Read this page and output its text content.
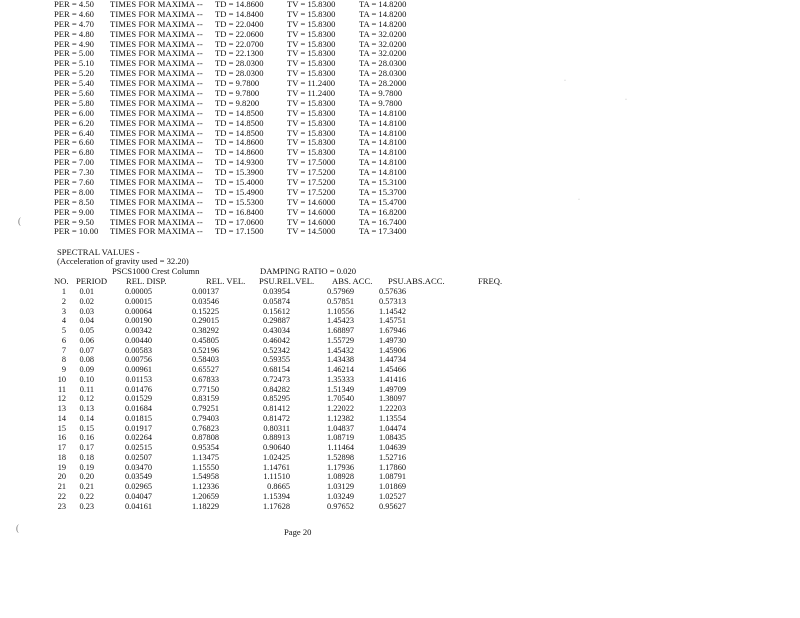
PER = 4.50 TIMES FOR MAXIMA -- TD = 14.8600	TV = 15.8300	TA = 14.8200
PER = 4.60 TIMES FOR MAXIMA -- TD = 14.8400	TV = 15.8300	TA = 14.8200
PER = 4.70 TIMES FOR MAXIMA -- TD = 22.0400	TV = 15.8300	TA = 14.8200
PER = 4.80 TIMES FOR MAXIMA -- TD = 22.0600	TV = 15.8300	TA = 32.0200
PER = 4.90 TIMES FOR MAXIMA -- TD = 22.0700	TV = 15.8300	TA = 32.0200
PER = 5.00 TIMES FOR MAXIMA -- TD = 22.1300	TV = 15.8300	TA = 32.0200
PER = 5.10 TIMES FOR MAXIMA -- TD = 28.0300	TV = 15.8300	TA = 28.0300
PER = 5.20 TIMES FOR MAXIMA -- TD = 28.0300	TV = 15.8300	TA = 28.0300
PER = 5.40 TIMES FOR MAXIMA -- TD = 9.7800	TV = 11.2400	TA = 28.2000
PER = 5.60 TIMES FOR MAXIMA -- TD = 9.7800	TV = 11.2400	TA = 9.7800
PER = 5.80 TIMES FOR MAXIMA -- TD = 9.8200	TV = 15.8300	TA = 9.7800
PER = 6.00 TIMES FOR MAXIMA -- TD = 14.8500	TV = 15.8300	TA = 14.8100
PER = 6.20 TIMES FOR MAXIMA -- TD = 14.8500	TV = 15.8300	TA = 14.8100
PER = 6.40 TIMES FOR MAXIMA -- TD = 14.8500	TV = 15.8300	TA = 14.8100
PER = 6.60 TIMES FOR MAXIMA -- TD = 14.8600	TV = 15.8300	TA = 14.8100
PER = 6.80 TIMES FOR MAXIMA -- TD = 14.8600	TV = 15.8300	TA = 14.8100
PER = 7.00 TIMES FOR MAXIMA -- TD = 14.9300	TV = 17.5000	TA = 14.8100
PER = 7.30 TIMES FOR MAXIMA -- TD = 15.3900	TV = 17.5200	TA = 14.8100
PER = 7.60 TIMES FOR MAXIMA -- TD = 15.4000	TV = 17.5200	TA = 15.3100
PER = 8.00 TIMES FOR MAXIMA -- TD = 15.4900	TV = 17.5200	TA = 15.3700
PER = 8.50 TIMES FOR MAXIMA -- TD = 15.5300	TV = 14.6000	TA = 15.4700
PER = 9.00 TIMES FOR MAXIMA -- TD = 16.8400	TV = 14.6000	TA = 16.8200
PER = 9.50 TIMES FOR MAXIMA -- TD = 17.0600	TV = 14.6000	TA = 16.7400
PER = 10.00 TIMES FOR MAXIMA -- TD = 17.1500	TV = 14.5000	TA = 17.3400
SPECTRAL VALUES -
(Acceleration of gravity used = 32.20)
PSCS1000 Crest Column	DAMPING RATIO = 0.020
NO. PERIOD REL. DISP.	REL. VEL. PSU.REL.VEL. ABS. ACC. PSU.ABS.ACC.	FREQ.
1 0.01	0.00005	0.00137	0.03954	0.57969	0.57636
2 0.02	0.00015	0.03546	0.05874	0.57851	0.57313
3 0.03	0.00064	0.15225	0.15612	1.10556	1.14542
4 0.04	0.00190	0.29015	0.29887	1.45423	1.45751
5 0.05	0.00342	0.38292	0.43034	1.68897	1.67946
6 0.06	0.00440	0.45805	0.46042	1.55729	1.49730
7 0.07	0.00583	0.52196	0.52342	1.45432	1.45906
8 0.08	0.00756	0.58403	0.59355	1.43438	1.44734
9 0.09	0.00961	0.65527	0.68154	1.46214	1.45466
10 0.10	0.01153	0.67833	0.72473	1.35333	1.41416
11 0.11	0.01476	0.77150	0.84282	1.51349	1.49709
12 0.12	0.01529	0.83159	0.85295	1.70540	1.38097
13 0.13	0.01684	0.79251	0.81412	1.22022	1.22203
14 0.14	0.01815	0.79403	0.81472	1.12382	1.13554
15 0.15	0.01917	0.76823	0.80311	1.04837	1.04474
16 0.16	0.02264	0.87808	0.88913	1.08719	1.08435
17 0.17	0.02515	0.95354	0.90640	1.11464	1.04639
18 0.18	0.02507	1.13475	1.02425	1.52898	1.52716
19 0.19	0.03470	1.15550	1.14761	1.17936	1.17860
20 0.20	0.03549	1.54958	1.11510	1.08928	1.08791
21 0.21	0.02965	1.12336	0.8665	1.03129	1.01869
22 0.22	0.04047	1.20659	1.15394	1.03249	1.02527
23 0.23	0.04161	1.18229	1.17628	0.97652	0.95627
Page 20
(
(
·
·
·
